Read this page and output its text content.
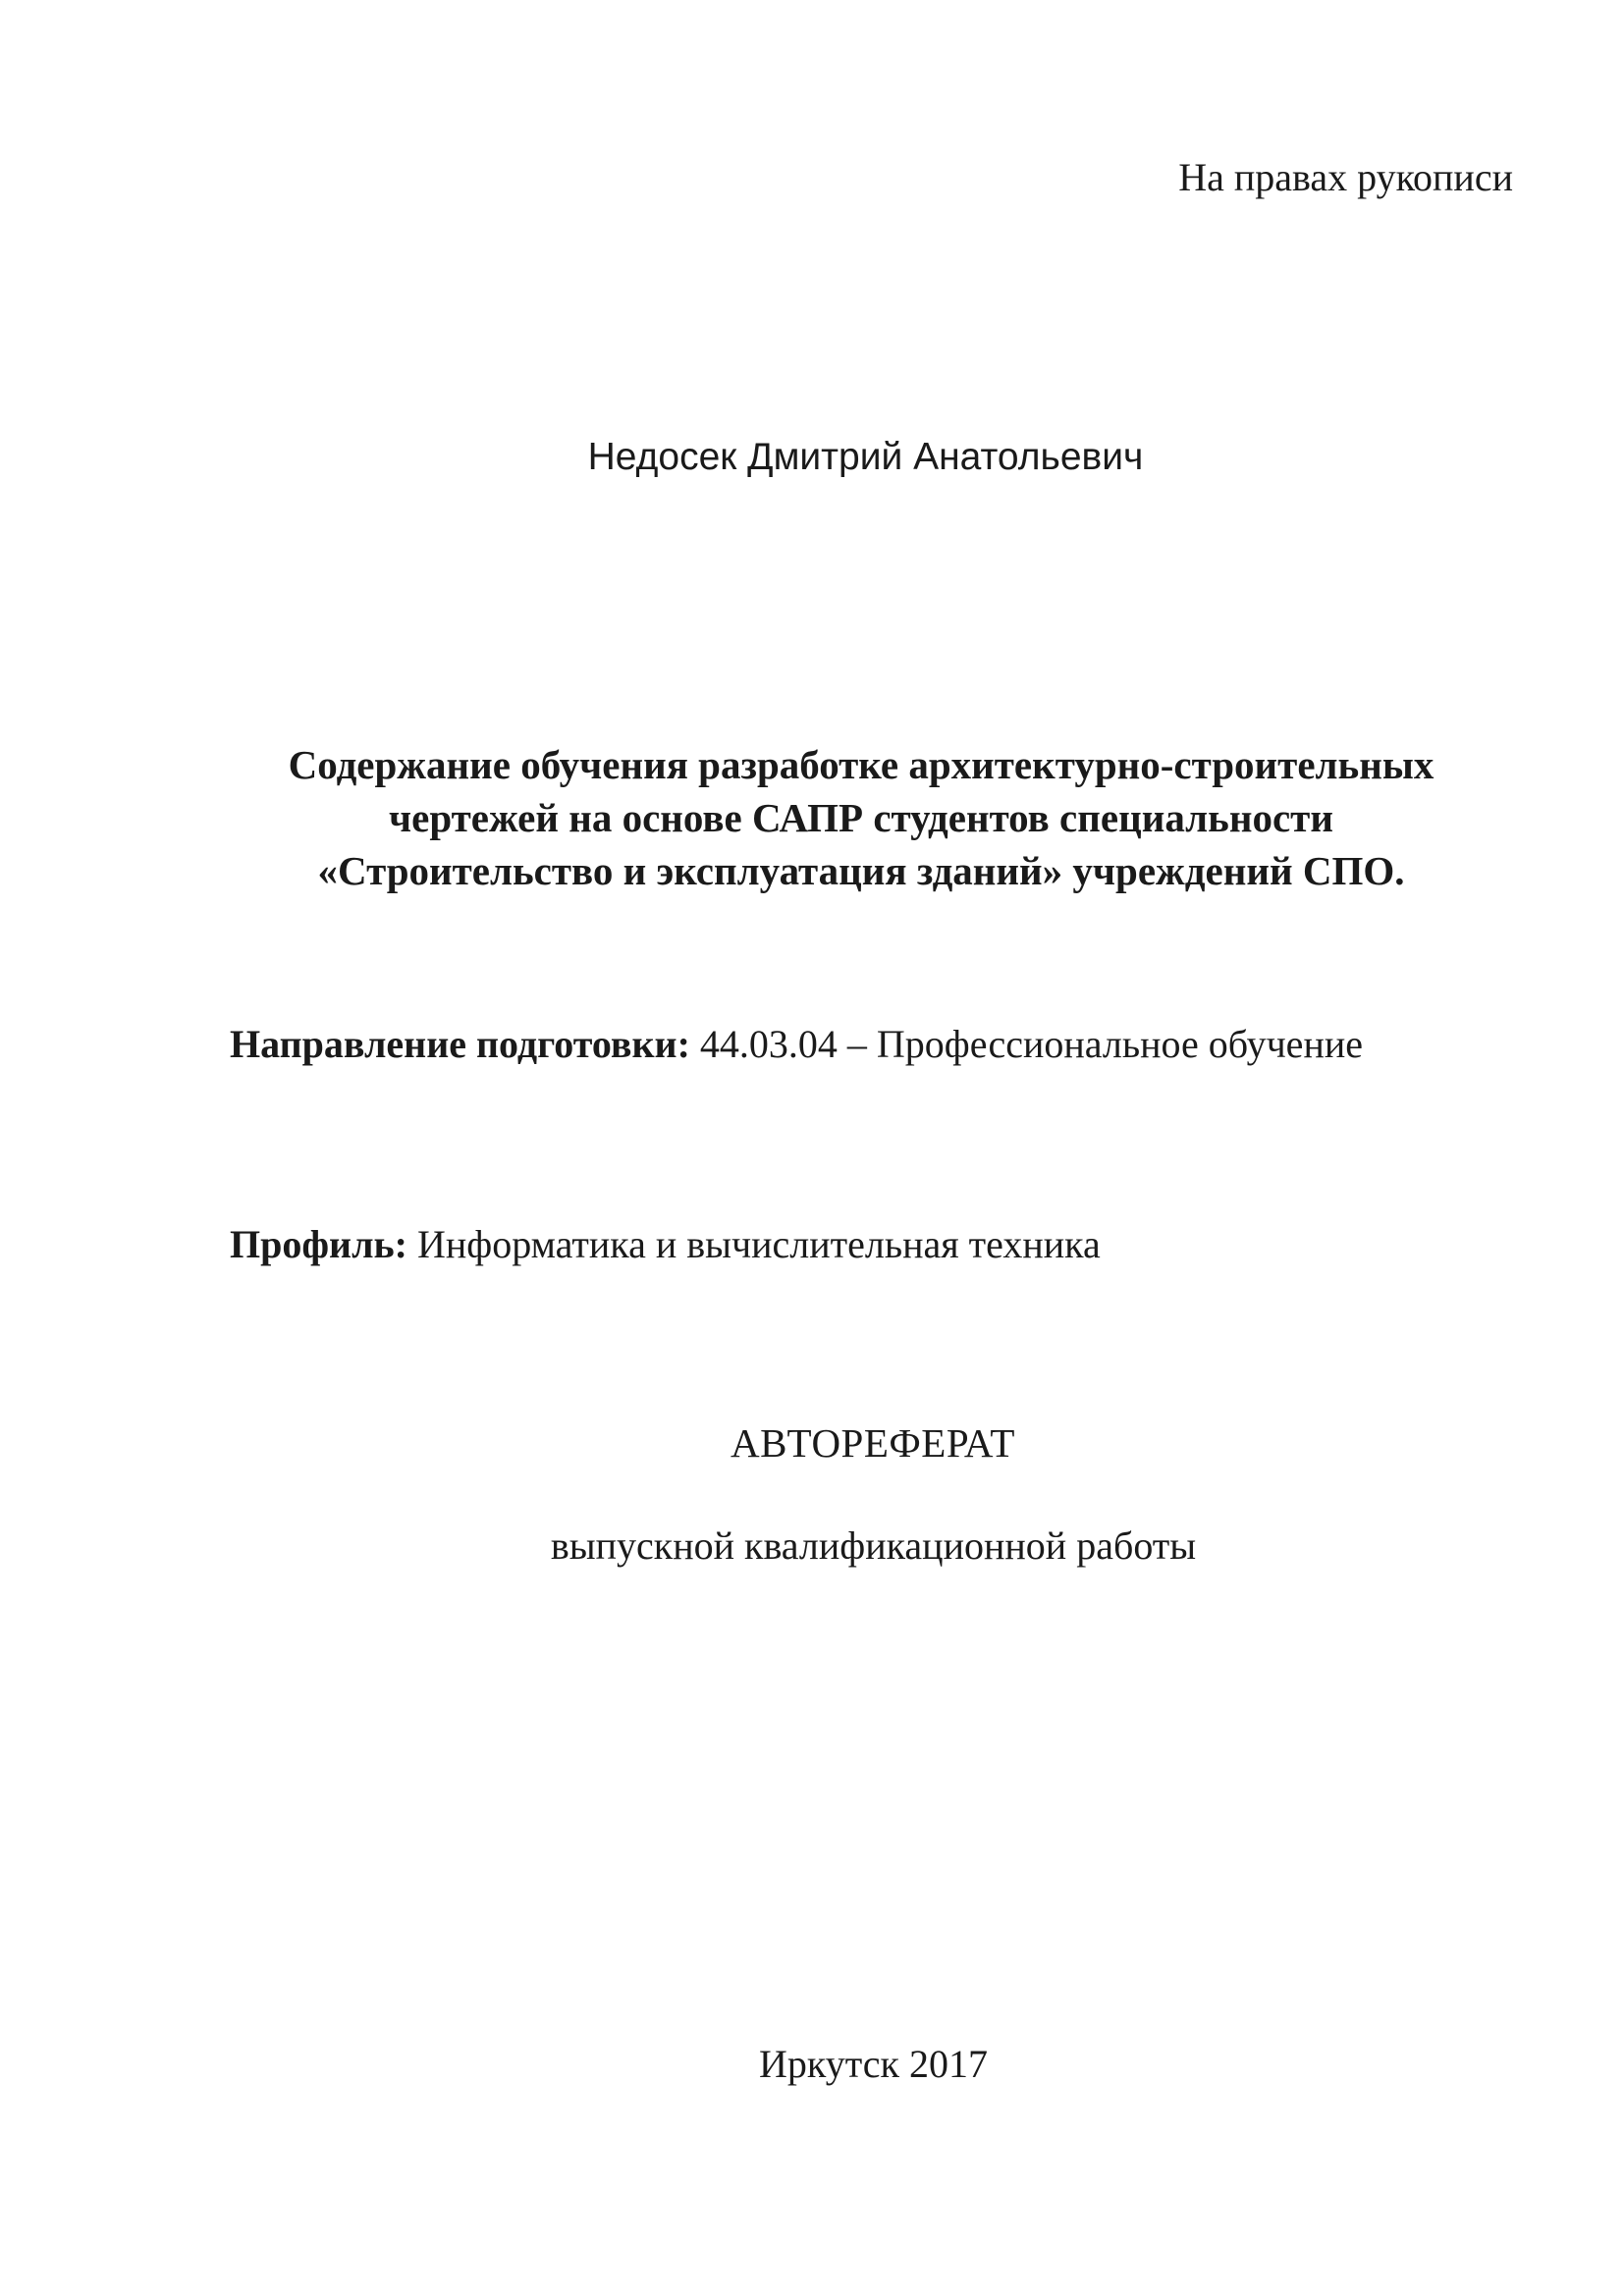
На правах рукописи
Недосек Дмитрий Анатольевич
Содержание обучения разработке архитектурно-строительных
чертежей на основе САПР студентов специальности
«Строительство и эксплуатация зданий» учреждений СПО.
Направление подготовки: 44.03.04 – Профессиональное обучение
Профиль: Информатика и вычислительная техника
АВТОРЕФЕРАТ
выпускной квалификационной работы
Иркутск 2017
